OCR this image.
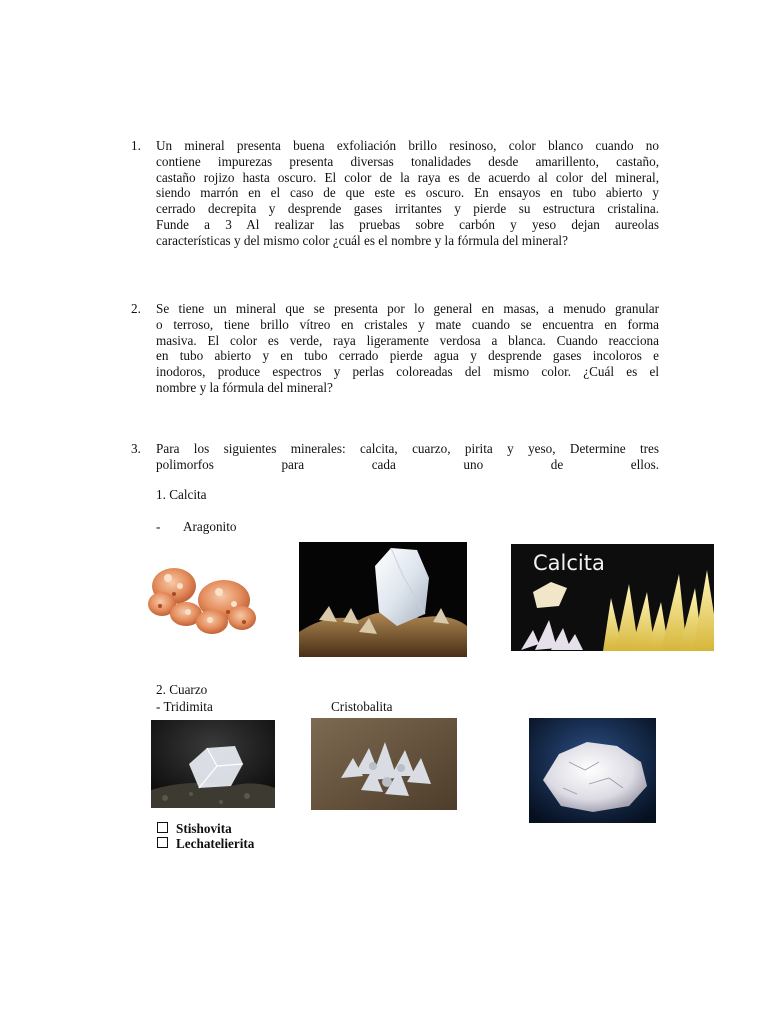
1. Un mineral presenta buena exfoliación brillo resinoso, color blanco cuando no
contiene impurezas presenta diversas tonalidades desde amarillento, castaño,
castaño rojizo hasta oscuro. El color de la raya es de acuerdo al color del mineral,
siendo marrón en el caso de que este es oscuro. En ensayos en tubo abierto y
cerrado decrepita y desprende gases irritantes y pierde su estructura cristalina.
Funde a 3 Al realizar las pruebas sobre carbón y yeso dejan aureolas
características y del mismo color ¿cuál es el nombre y la fórmula del mineral?
2. Se tiene un mineral que se presenta por lo general en masas, a menudo granular
o terroso, tiene brillo vítreo en cristales y mate cuando se encuentra en forma
masiva. El color es verde, raya ligeramente verdosa a blanca. Cuando reacciona
en tubo abierto y en tubo cerrado pierde agua y desprende gases incoloros e
inodoros, produce espectros y perlas coloreadas del mismo color. ¿Cuál es el
nombre y la fórmula del mineral?
3. Para los siguientes minerales: calcita, cuarzo, pirita y yeso, Determine tres
polimorfos para cada uno de ellos.
1. Calcita
- Aragonito
Calcita
2. Cuarzo
- Tridimita	Cristobalita
Stishovita
Lechatelierita
